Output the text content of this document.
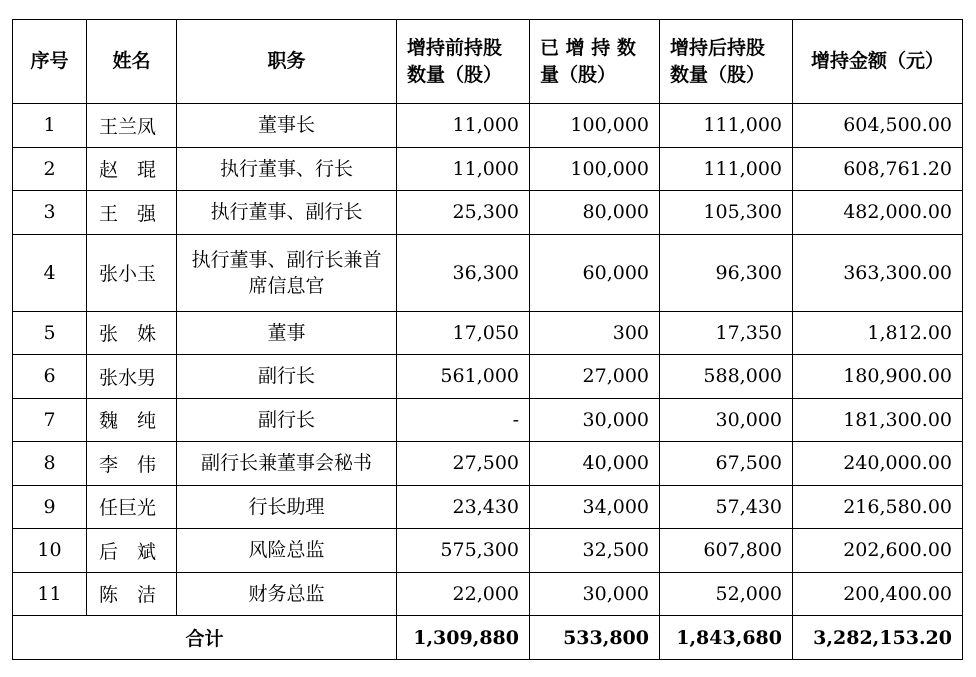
序号	姓名	职务	增持前持股数量（股）	已 增 持 数量（股）	增持后持股数量（股）	增持金额（元）
1	王兰凤	董事长	11,000	100,000	111,000	604,500.00
2	赵　琨	执行董事、行长	11,000	100,000	111,000	608,761.20
3	王　强	执行董事、副行长	25,300	80,000	105,300	482,000.00
4	张小玉	执行董事、副行长兼首席信息官	36,300	60,000	96,300	363,300.00
5	张　姝	董事	17,050	300	17,350	1,812.00
6	张水男	副行长	561,000	27,000	588,000	180,900.00
7	魏　纯	副行长	-	30,000	30,000	181,300.00
8	李　伟	副行长兼董事会秘书	27,500	40,000	67,500	240,000.00
9	任巨光	行长助理	23,430	34,000	57,430	216,580.00
10	后　斌	风险总监	575,300	32,500	607,800	202,600.00
11	陈　洁	财务总监	22,000	30,000	52,000	200,400.00
合计			1,309,880	533,800	1,843,680	3,282,153.20
